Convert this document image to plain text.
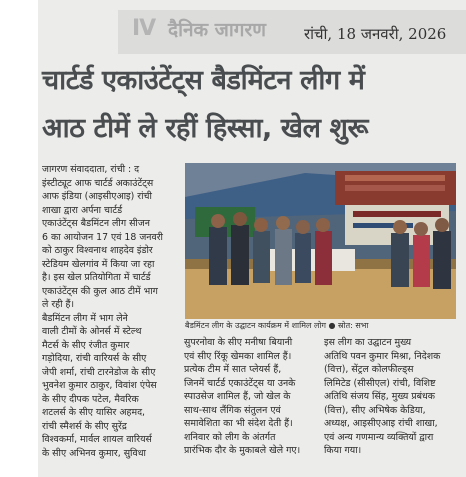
IV दैनिक जागरण	रांची, 18 जनवरी, 2026
चार्टर्ड एकाउंटेंट्स बैडमिंटन लीग में
आठ टीमें ले रहीं हिस्सा, खेल शुरू

जागरण संवाददाता, रांची : द

इंस्टीट्यूट आफ चार्टर्ड अकाउंटेंट्स

आफ इंडिया (आइसीएआइ) रांची

शाखा द्वारा अर्पना चार्टर्ड

एकाउंटेंट्स बैडमिंटन लीग सीजन

6 का आयोजन 17 एवं 18 जनवरी

को ठाकुर विश्वनाथ शाहदेव इंडोर

स्टेडियम खेलगांव में किया जा रहा

है। इस खेल प्रतियोगिता में चार्टर्ड

एकाउंटेंट्स की कुल आठ टीमें भाग

ले रही हैं।

बैडमिंटन लीग में भाग लेने

वाली टीमों के ओनर्स में स्टेल्थ

मैटर्स के सीए रंजीत कुमार

गड़ोदिया, रांची वारियर्स के सीए

जेपी शर्मा, रांची टारनेडोज के सीए

भुवनेश कुमार ठाकुर, विवांश एंपेस

के सीए दीपक पटेल, मैवरिक

शटलर्स के सीए यासिर अहमद,

रांची स्मैशर्स के सीए सुरेंद्र

विश्वकर्मा, मार्वल शायल वारियर्स

के सीए अभिनव कुमार, सुविधा

बैडमिंटन लीग के उद्घाटन कार्यक्रम में शामिल लोग ● स्रोत: सभा

सुपरनोवा के सीए मनीषा बियानी

एवं सीए रिंकू खेमका शामिल हैं।

प्रत्येक टीम में सात प्लेयर्स हैं,

जिनमें चार्टर्ड एकाउंटेंट्स या उनके

स्पाउसेज शामिल हैं, जो खेल के

साथ-साथ लैंगिक संतुलन एवं

समावेशिता का भी संदेश देती हैं।

शनिवार को लीग के अंतर्गत

प्रारंभिक दौर के मुकाबले खेले गए।

इस लीग का उद्घाटन मुख्य

अतिथि पवन कुमार मिश्रा, निदेशक

(वित्त), सेंट्रल कोलफील्ड्स

लिमिटेड (सीसीएल) रांची, विशिष्ट

अतिथि संजय सिंह, मुख्य प्रबंधक

(वित्त), सीए अभिषेक केडिया,

अध्यक्ष, आइसीएआइ रांची शाखा,

एवं अन्य गणमान्य व्यक्तियों द्वारा

किया गया।
